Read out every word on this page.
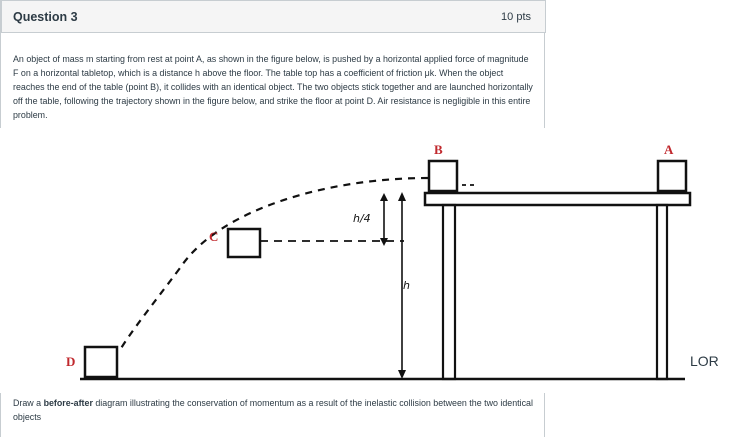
Question 3	10 pts
An object of mass m starting from rest at point A, as shown in the figure below, is pushed by a horizontal applied force of magnitude F on a horizontal tabletop, which is a distance h above the floor. The table top has a coefficient of friction μk. When the object reaches the end of the table (point B), it collides with an identical object. The two objects stick together and are launched horizontally off the table, following the trajectory shown in the figure below, and strike the floor at point D. Air resistance is negligible in this entire problem.
Draw a before-after diagram illustrating the conservation of momentum as a result of the inelastic collision between the two identical objects
B	A
C
D
h/4
h
LOR
